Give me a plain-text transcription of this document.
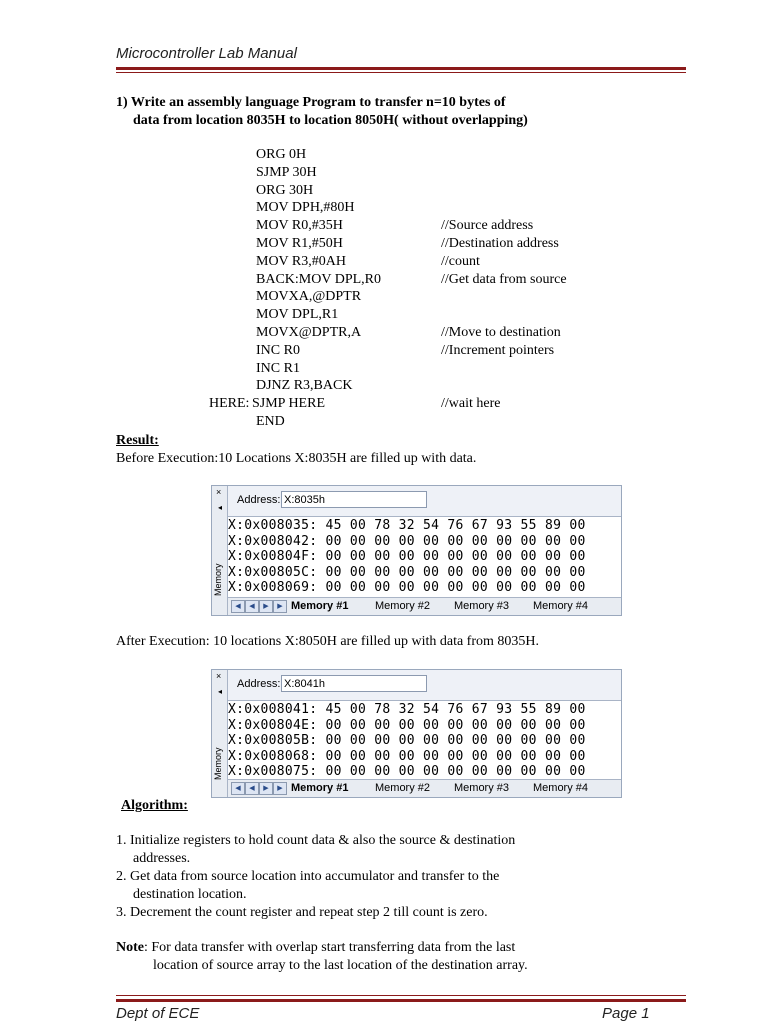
Microcontroller Lab Manual
1) Write an assembly language Program to transfer n=10 bytes of
data from location 8035H to location 8050H( without overlapping)
ORG 0H
SJMP 30H
ORG 30H
MOV DPH,#80H
MOV R0,#35H	//Source address
MOV R1,#50H	//Destination address
MOV R3,#0AH	//count
BACK:MOV DPL,R0	//Get data from source
MOVXA,@DPTR
MOV DPL,R1
MOVX@DPTR,A	//Move to destination
INC R0	//Increment pointers
INC R1
DJNZ R3,BACK
HERE: SJMP HERE	//wait here
END
Result:
Before Execution:10 Locations X:8035H are filled up with data.
×
◂
Memory
Address: X:8035h
X:0x008035: 45 00 78 32 54 76 67 93 55 89 00
X:0x008042: 00 00 00 00 00 00 00 00 00 00 00
X:0x00804F: 00 00 00 00 00 00 00 00 00 00 00
X:0x00805C: 00 00 00 00 00 00 00 00 00 00 00
X:0x008069: 00 00 00 00 00 00 00 00 00 00 00
◀	◀	▶	▶ Memory #1 Memory #2 Memory #3 Memory #4
After Execution: 10 locations X:8050H are filled up with data from 8035H.
×
◂
Memory
Address: X:8041h
X:0x008041: 45 00 78 32 54 76 67 93 55 89 00
X:0x00804E: 00 00 00 00 00 00 00 00 00 00 00
X:0x00805B: 00 00 00 00 00 00 00 00 00 00 00
X:0x008068: 00 00 00 00 00 00 00 00 00 00 00
X:0x008075: 00 00 00 00 00 00 00 00 00 00 00
◀	◀	▶	▶ Memory #1 Memory #2 Memory #3 Memory #4
Algorithm:
1. Initialize registers to hold count data & also the source & destination
addresses.
2. Get data from source location into accumulator and transfer to the
destination location.
3. Decrement the count register and repeat step 2 till count is zero.
Note: For data transfer with overlap start transferring data from the last
location of source array to the last location of the destination array.
Dept of ECE	Page 1
